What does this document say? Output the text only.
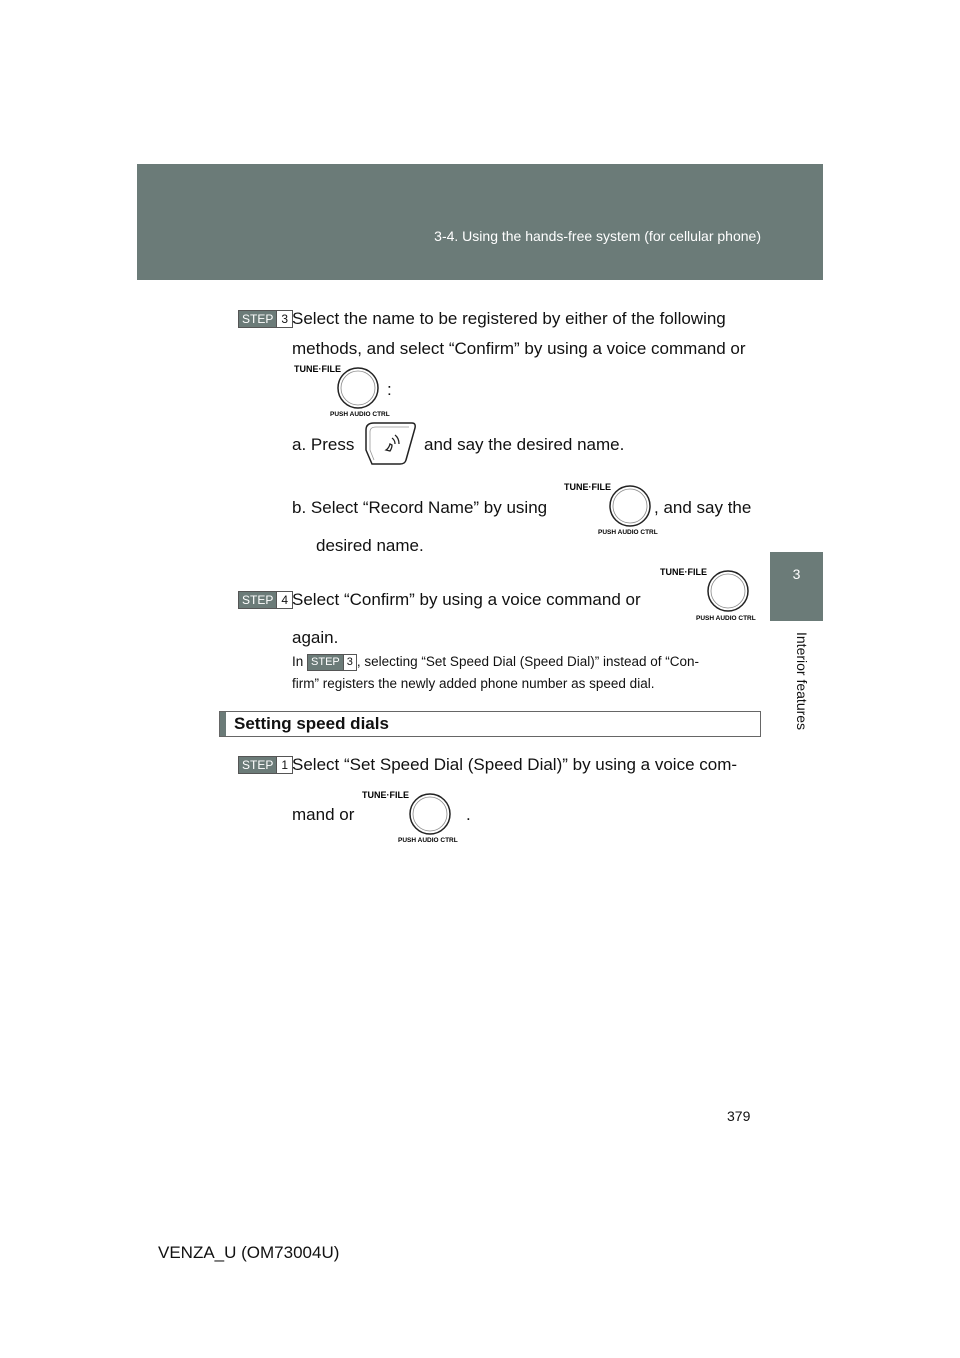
3-4. Using the hands-free system (for cellular phone)
3
Interior features
STEP 3 Select the name to be registered by either of the following
methods, and select “Confirm” by using a voice command or
TUNE·FILE
PUSH AUDIO CTRL
:
a. Press	and say the desired name.
b. Select “Record Name” by using
TUNE·FILE
PUSH AUDIO CTRL
, and say the
desired name.
STEP 4 Select “Confirm” by using a voice command or
TUNE·FILE
PUSH AUDIO CTRL
again.
In STEP 3 , selecting “Set Speed Dial (Speed Dial)” instead of “Con-
firm” registers the newly added phone number as speed dial.
Setting speed dials
STEP 1 Select “Set Speed Dial (Speed Dial)” by using a voice com-
mand or
TUNE·FILE
PUSH AUDIO CTRL
.
379
VENZA_U (OM73004U)
